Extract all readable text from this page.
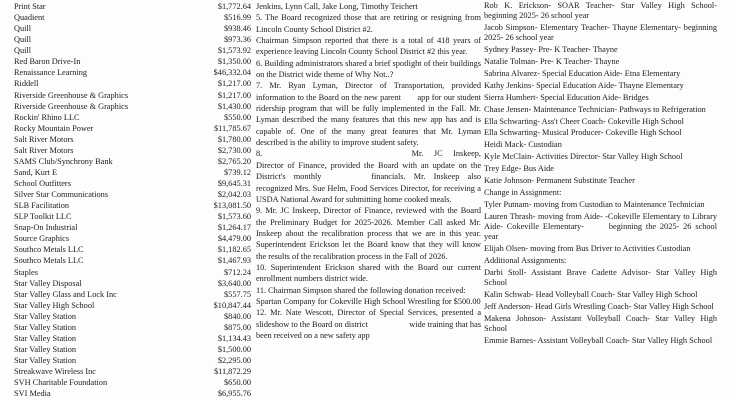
Print Star	$1,772.64
Quadient	$516.99
Quill	$938.46
Quill	$973.36
Quill	$1,573.92
Red Baron Drive-In	$1,350.00
Renaissance Learning	$46,332.04
Riddell	$1,217.00
Riverside Greenhouse & Graphics	$1,217.00
Riverside Greenhouse & Graphics	$1,430.00
Rockin' Rhino LLC	$550.00
Rocky Mountain Power	$11,785.67
Salt River Motors	$1,780.00
Salt River Motors	$2,730.00
SAMS Club/Synchrony Bank	$2,765.20
Sand, Kurt E	$739.12
School Outfitters	$9,645.31
Silver Star Communications	$2,042.03
SLB Facilitation	$13,081.50
SLP Toolkit LLC	$1,573.60
Snap-On Industrial	$1,264.17
Source Graphics	$4,479.00
Southco Metals LLC	$1,182.65
Southco Metals LLC	$1,467.93
Staples	$712.24
Star Valley Disposal	$3,640.00
Star Valley Glass and Lock Inc	$557.75
Star Valley High School	$10,847.44
Star Valley Station	$840.00
Star Valley Station	$875.00
Star Valley Station	$1,134.43
Star Valley Station	$1,500.00
Star Valley Station	$2,295.00
Streakwave Wireless Inc	$11,872.29
SVH Charitable Foundation	$650.00
SVI Media	$6,955.76

Jenkins, Lynn Call, Jake Long, Timothy Teichert

5. The Board recognized those that are retiring or resigning from Lincoln County School District #2.

Chairman Simpson reported that there is a total of 418 years of experience leaving Lincoln County School District #2 this year.

6. Building administrators shared a brief spotlight of their buildings on the District wide theme of Why Not..?

7. Mr. Ryan Lyman, Director of Transportation, provided information to the Board on the new parent  app for our student ridership program that will be fully implemented in the Fall. Mr. Lyman described the many features that this new app has and is capable of. One of the many great features that Mr. Lyman described is the ability to improve student safety.

8.                  Mr. JC Inskeep, Director of Finance, provided the Board with an update on the District's monthly      financials. Mr. Inskeep also recognized Mrs. Sue Helm, Food Services Director, for receiving a USDA National Award for submitting home cooked meals.

9. Mr. JC Inskeep, Director of Finance, reviewed with the Board the Preliminary Budget for 2025-2026. Member Call asked Mr. Inskeep about the recalibration process that we are in this year. Superintendent Erickson let the Board know that they will know the results of the recalibration process in the Fall of 2026.

10. Superintendent Erickson shared with the Board our current enrollment numbers district wide.

11. Chairman Simpson shared the following donation received:

Spartan Company for Cokeville High School Wrestling for $500.00

12. Mr. Nate Wescott, Director of Special Services, presented a slideshow to the Board on district     wide training that has been received on a new safety app

Rob K. Erickson- SOAR Teacher- Star Valley High School- beginning 2025- 26 school year

Jacob Simpson- Elementary Teacher- Thayne Elementary- beginning 2025- 26 school year

Sydney Passey- Pre- K Teacher- Thayne

Natalie Tolman- Pre- K Teacher- Thayne

Sabrina Alvarez- Special Education Aide- Etna Elementary

Kathy Jenkins- Special Education Aide- Thayne Elementary

Sierra Humbert- Special Education Aide- Bridges

Chase Jensen- Maintenance Technician- Pathways to Refrigeration

Ella Schwarting- Ass't Cheer Coach- Cokeville High School

Ella Schwarting- Musical Producer- Cokeville High School

Heidi Mack- Custodian

Kyle McClain- Activities Director- Star Valley High School

Trey Edge- Bus Aide

Katie Johnson- Permanent Substitute Teacher

Change in Assignment:

Tyler Putnam- moving from Custodian to Maintenance Technician

Lauren Thrash- moving from Aide- -Cokeville Elementary to Library Aide- Cokeville Elementary-   beginning the 2025- 26 school year

Elijah Olsen- moving from Bus Driver to Activities Custodian

Additional Assignments:

Darbi Stoll- Assistant Brave Cadette Advisor- Star Valley High School

Kalin Schwab- Head Volleyball Coach- Star Valley High School

Jeff Anderson- Head Girls Wrestling Coach- Star Valley High School

Makena Johnson- Assistant Volleyball Coach- Star Valley High School

Emmie Barnes- Assistant Volleyball Coach- Star Valley High School
